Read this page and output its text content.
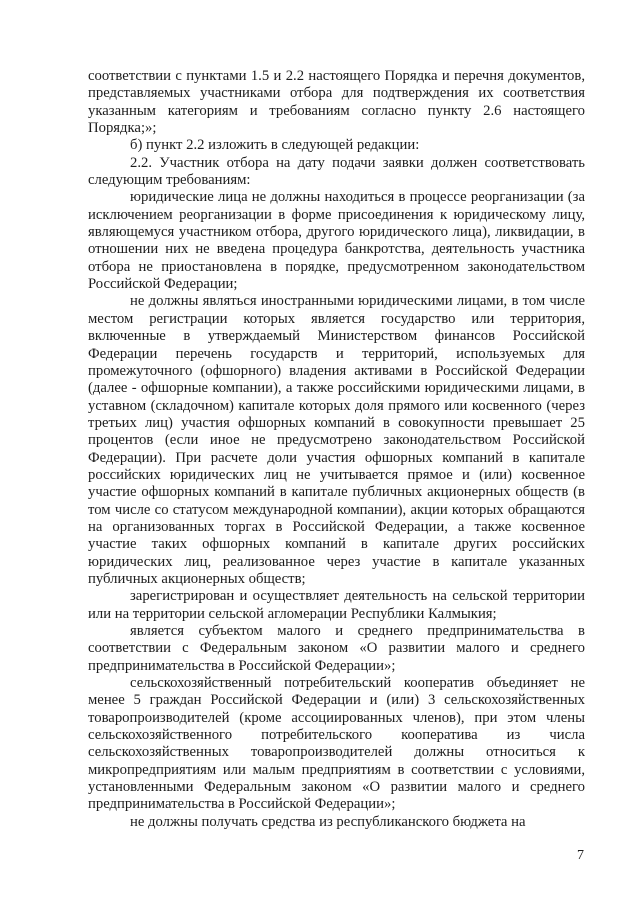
соответствии с пунктами 1.5 и 2.2 настоящего Порядка и перечня документов, представляемых участниками отбора для подтверждения их соответствия указанным категориям и требованиям согласно пункту 2.6 настоящего Порядка;»;

б) пункт 2.2 изложить в следующей редакции:

2.2. Участник отбора на дату подачи заявки должен соответствовать следующим требованиям:

юридические лица не должны находиться в процессе реорганизации (за исключением реорганизации в форме присоединения к юридическому лицу, являющемуся участником отбора, другого юридического лица), ликвидации, в отношении них не введена процедура банкротства, деятельность участника отбора не приостановлена в порядке, предусмотренном законодательством Российской Федерации;

не должны являться иностранными юридическими лицами, в том числе местом регистрации которых является государство или территория, включенные в утверждаемый Министерством финансов Российской Федерации перечень государств и территорий, используемых для промежуточного (офшорного) владения активами в Российской Федерации (далее - офшорные компании), а также российскими юридическими лицами, в уставном (складочном) капитале которых доля прямого или косвенного (через третьих лиц) участия офшорных компаний в совокупности превышает 25 процентов (если иное не предусмотрено законодательством Российской Федерации). При расчете доли участия офшорных компаний в капитале российских юридических лиц не учитывается прямое и (или) косвенное участие офшорных компаний в капитале публичных акционерных обществ (в том числе со статусом международной компании), акции которых обращаются на организованных торгах в Российской Федерации, а также косвенное участие таких офшорных компаний в капитале других российских юридических лиц, реализованное через участие в капитале указанных публичных акционерных обществ;

зарегистрирован и осуществляет деятельность на сельской территории или на территории сельской агломерации Республики Калмыкия;

является субъектом малого и среднего предпринимательства в соответствии с Федеральным законом «О развитии малого и среднего предпринимательства в Российской Федерации»;

сельскохозяйственный потребительский кооператив объединяет не менее 5 граждан Российской Федерации и (или) 3 сельскохозяйственных товаропроизводителей (кроме ассоциированных членов), при этом члены сельскохозяйственного потребительского кооператива из числа сельскохозяйственных товаропроизводителей должны относиться к микропредприятиям или малым предприятиям в соответствии с условиями, установленными Федеральным законом «О развитии малого и среднего предпринимательства в Российской Федерации»;

не должны получать средства из республиканского бюджета на

7
